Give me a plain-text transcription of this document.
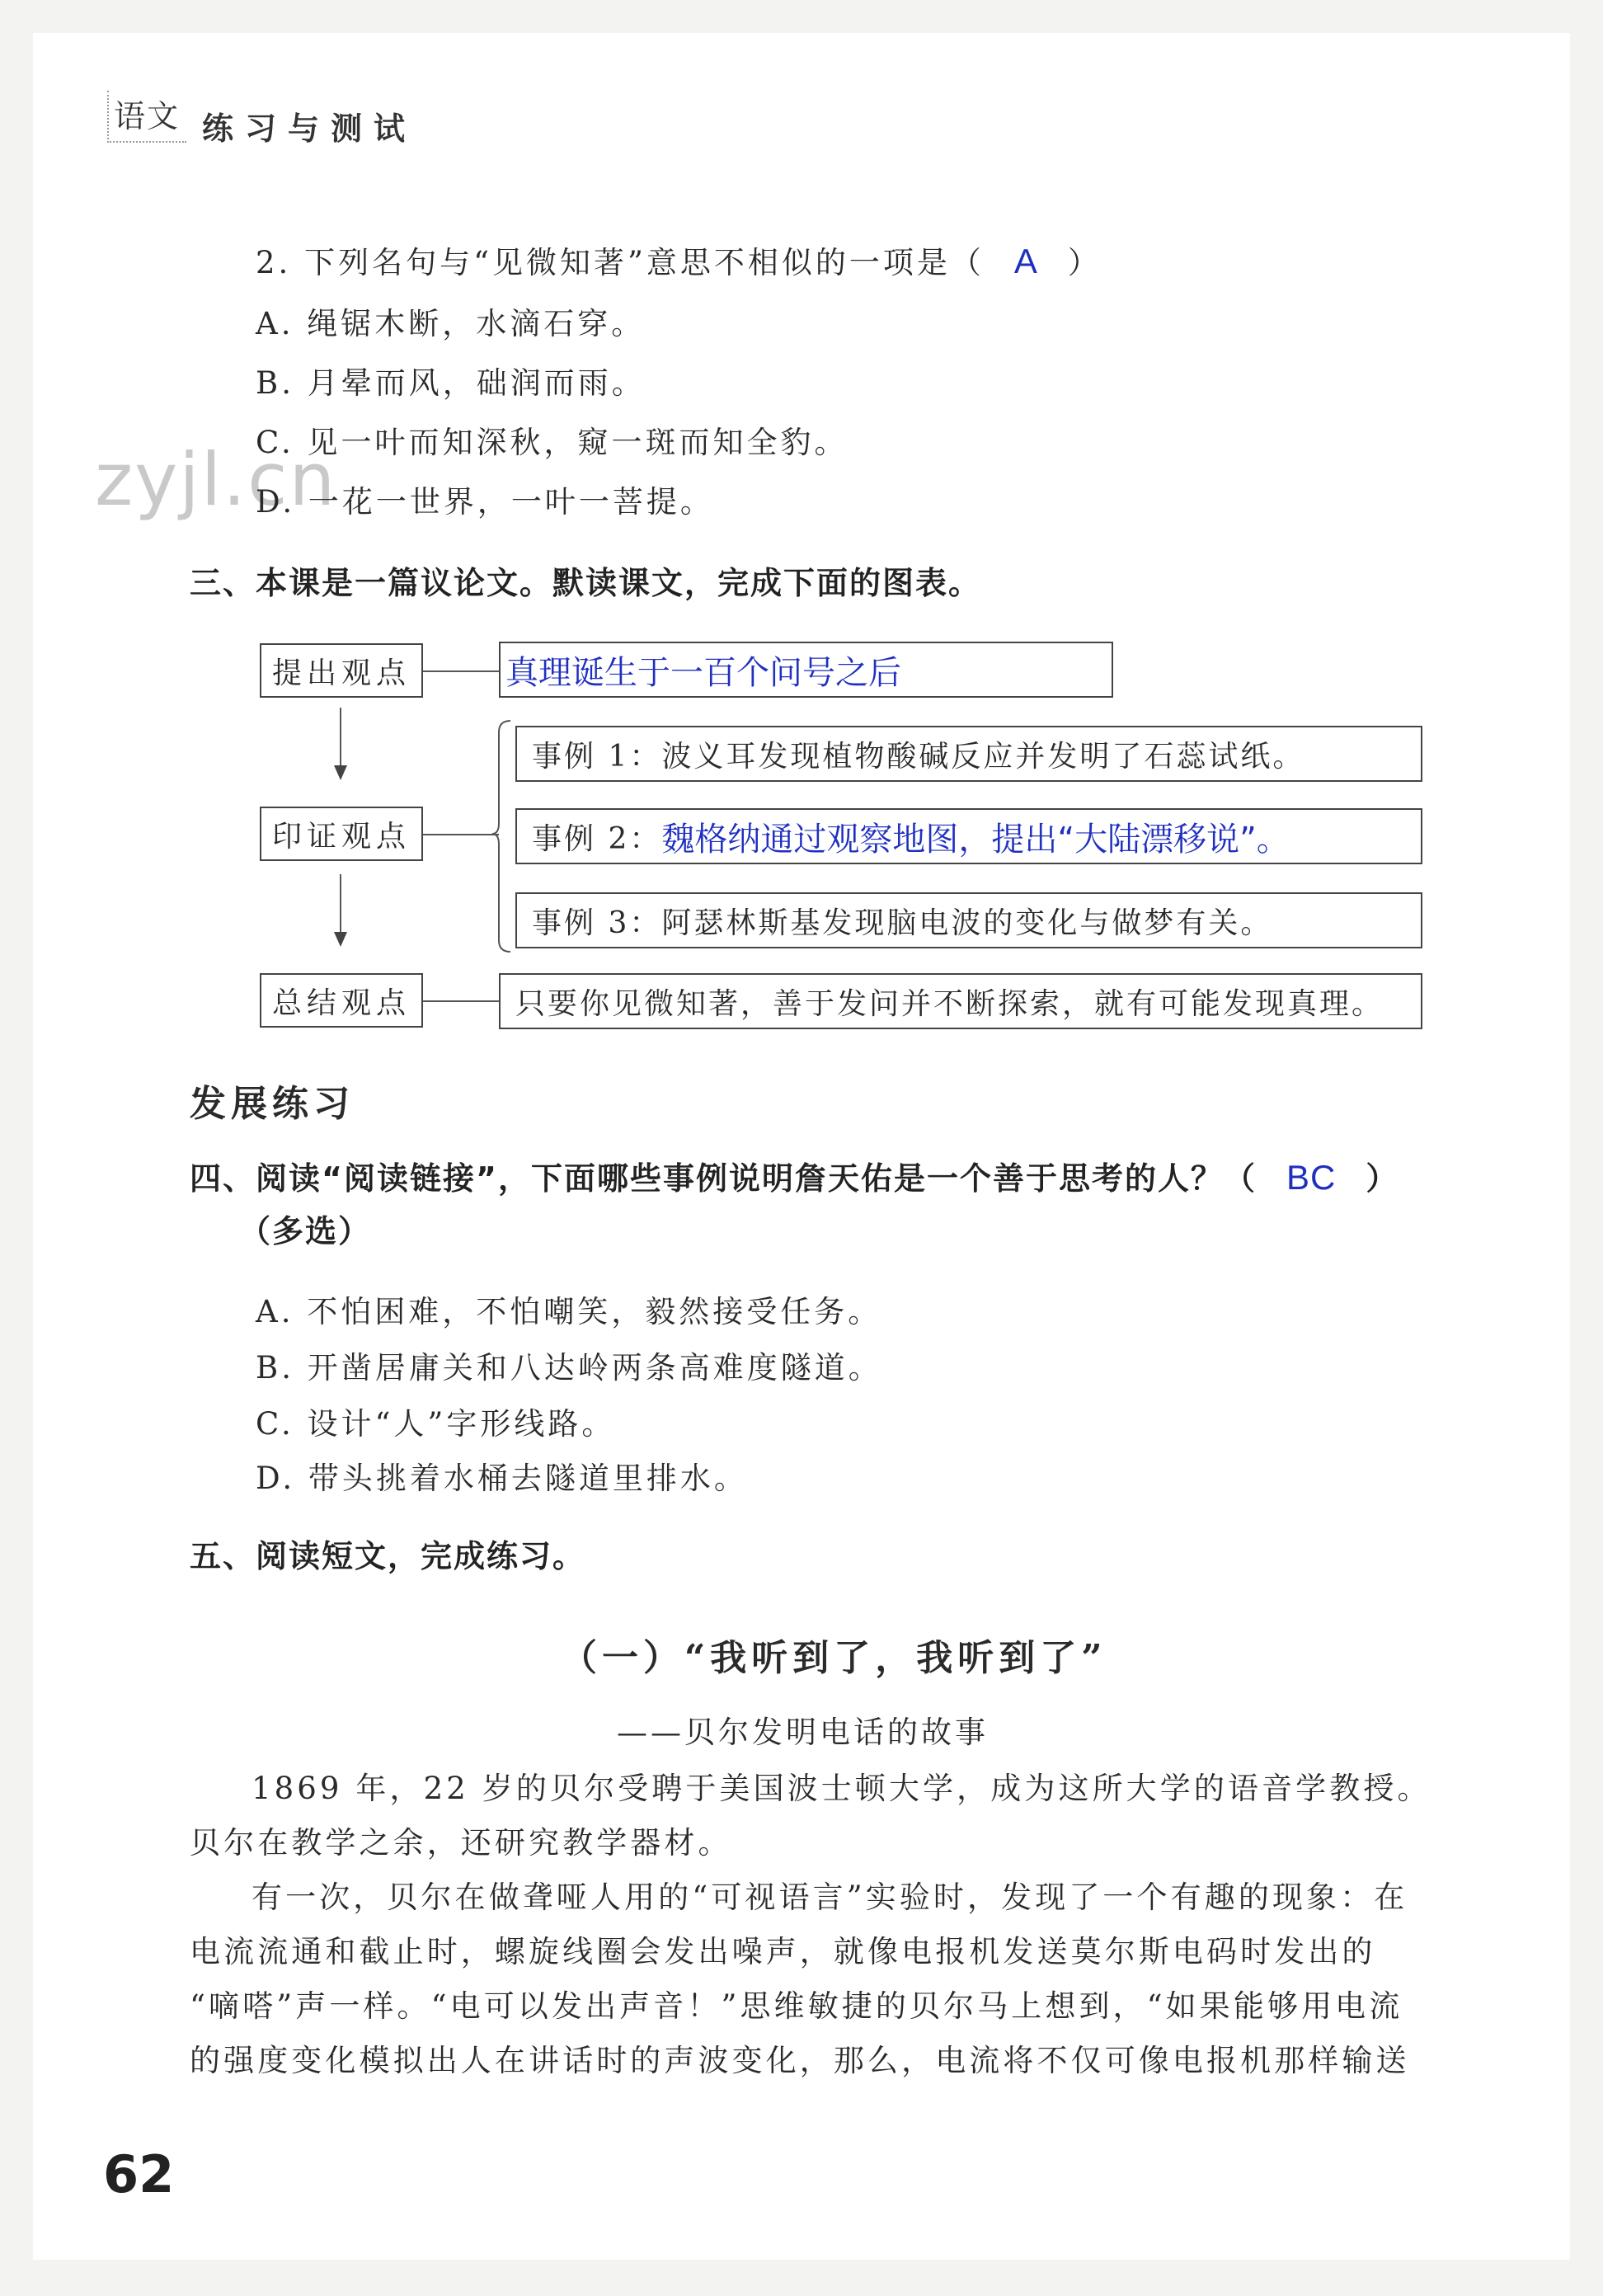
语文 练习与测试
zyjl.cn
2. 下列名句与“见微知著”意思不相似的一项是（ A ）
A. 绳锯木断，水滴石穿。
B. 月晕而风，础润而雨。
C. 见一叶而知深秋，窥一斑而知全豹。
D. 一花一世界，一叶一菩提。
三、本课是一篇议论文。默读课文，完成下面的图表。
提出观点	真理诞生于一百个问号之后
印证观点
事例 1：波义耳发现植物酸碱反应并发明了石蕊试纸。
事例 2： 魏格纳通过观察地图，提出“大陆漂移说”。
事例 3：阿瑟林斯基发现脑电波的变化与做梦有关。
总结观点	只要你见微知著，善于发问并不断探索，就有可能发现真理。
发展练习
四、阅读“阅读链接”，下面哪些事例说明詹天佑是一个善于思考的人？（ BC ）
（多选）
A. 不怕困难，不怕嘲笑，毅然接受任务。
B. 开凿居庸关和八达岭两条高难度隧道。
C. 设计“人”字形线路。
D. 带头挑着水桶去隧道里排水。
五、阅读短文，完成练习。
（一）“我听到了，我听到了”
——贝尔发明电话的故事
1869 年，22 岁的贝尔受聘于美国波士顿大学，成为这所大学的语音学教授。
贝尔在教学之余，还研究教学器材。
有一次，贝尔在做聋哑人用的“可视语言”实验时，发现了一个有趣的现象：在
电流流通和截止时，螺旋线圈会发出噪声，就像电报机发送莫尔斯电码时发出的
“嘀嗒”声一样。“电可以发出声音！”思维敏捷的贝尔马上想到，“如果能够用电流
的强度变化模拟出人在讲话时的声波变化，那么，电流将不仅可像电报机那样输送
62
